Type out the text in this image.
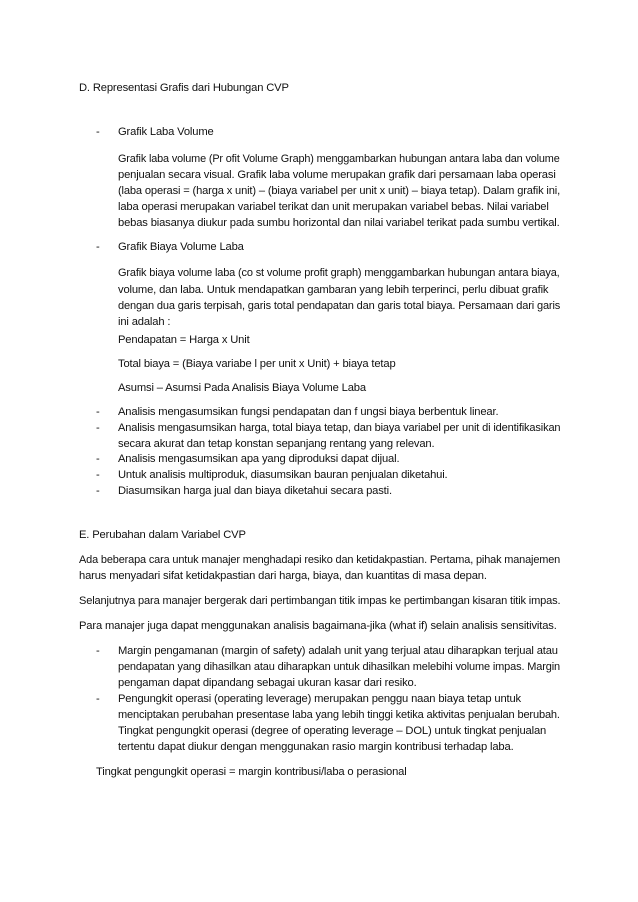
D. Representasi Grafis dari Hubungan CVP
- Grafik Laba Volume
Grafik laba volume (Pr ofit Volume Graph) menggambarkan hubungan antara laba dan volume
penjualan secara visual. Grafik laba volume merupakan grafik dari persamaan laba operasi
(laba operasi = (harga x unit) – (biaya variabel per unit x unit) – biaya tetap). Dalam grafik ini,
laba operasi merupakan variabel terikat dan unit merupakan variabel bebas. Nilai variabel
bebas biasanya diukur pada sumbu horizontal dan nilai variabel terikat pada sumbu vertikal.
- Grafik Biaya Volume Laba
Grafik biaya volume laba (co st volume profit graph) menggambarkan hubungan antara biaya,
volume, dan laba. Untuk mendapatkan gambaran yang lebih terperinci, perlu dibuat grafik
dengan dua garis terpisah, garis total pendapatan dan garis total biaya. Persamaan dari garis
ini adalah :
Pendapatan = Harga x Unit
Total biaya = (Biaya variabe l per unit x Unit) + biaya tetap
Asumsi – Asumsi Pada Analisis Biaya Volume Laba
- Analisis mengasumsikan fungsi pendapatan dan f ungsi biaya berbentuk linear.
- Analisis mengasumsikan harga, total biaya tetap, dan biaya variabel per unit di identifikasikan
secara akurat dan tetap konstan sepanjang rentang yang relevan.
- Analisis mengasumsikan apa yang diproduksi dapat dijual.
- Untuk analisis multiproduk, diasumsikan bauran penjualan diketahui.
- Diasumsikan harga jual dan biaya diketahui secara pasti.
E. Perubahan dalam Variabel CVP
Ada beberapa cara untuk manajer menghadapi resiko dan ketidakpastian. Pertama, pihak manajemen
harus menyadari sifat ketidakpastian dari harga, biaya, dan kuantitas di masa depan.
Selanjutnya para manajer bergerak dari pertimbangan titik impas ke pertimbangan kisaran titik impas.
Para manajer juga dapat menggunakan analisis bagaimana-jika (what if) selain analisis sensitivitas.
- Margin pengamanan (margin of safety) adalah unit yang terjual atau diharapkan terjual atau
pendapatan yang dihasilkan atau diharapkan untuk dihasilkan melebihi volume impas. Margin
pengaman dapat dipandang sebagai ukuran kasar dari resiko.
- Pengungkit operasi (operating leverage) merupakan penggu naan biaya tetap untuk
menciptakan perubahan presentase laba yang lebih tinggi ketika aktivitas penjualan berubah.
Tingkat pengungkit operasi (degree of operating leverage – DOL) untuk tingkat penjualan
tertentu dapat diukur dengan menggunakan rasio margin kontribusi terhadap laba.
Tingkat pengungkit operasi = margin kontribusi/laba o perasional
